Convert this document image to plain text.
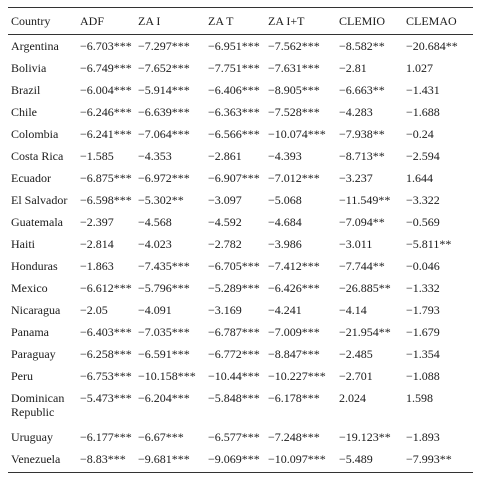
Country	ADF	ZA I	ZA T	ZA I+T	CLEMIO	CLEMAO
Argentina	−6.703***	−7.297***	−6.951***	−7.562***	−8.582**	−20.684**
Bolivia	−6.749***	−7.652***	−7.751***	−7.631***	−2.81	1.027
Brazil	−6.004***	−5.914***	−6.406***	−8.905***	−6.663**	−1.431
Chile	−6.246***	−6.639***	−6.363***	−7.528***	−4.283	−1.688
Colombia	−6.241***	−7.064***	−6.566***	−10.074***	−7.938**	−0.24
Costa Rica	−1.585	−4.353	−2.861	−4.393	−8.713**	−2.594
Ecuador	−6.875***	−6.972***	−6.907***	−7.012***	−3.237	1.644
El Salvador	−6.598***	−5.302**	−3.097	−5.068	−11.549**	−3.322
Guatemala	−2.397	−4.568	−4.592	−4.684	−7.094**	−0.569
Haiti	−2.814	−4.023	−2.782	−3.986	−3.011	−5.811**
Honduras	−1.863	−7.435***	−6.705***	−7.412***	−7.744**	−0.046
Mexico	−6.612***	−5.796***	−5.289***	−6.426***	−26.885**	−1.332
Nicaragua	−2.05	−4.091	−3.169	−4.241	−4.14	−1.793
Panama	−6.403***	−7.035***	−6.787***	−7.009***	−21.954**	−1.679
Paraguay	−6.258***	−6.591***	−6.772***	−8.847***	−2.485	−1.354
Peru	−6.753***	−10.158***	−10.44***	−10.227***	−2.701	−1.088
Dominican Republic	−5.473***	−6.204***	−5.848***	−6.178***	2.024	1.598
Uruguay	−6.177***	−6.67***	−6.577***	−7.248***	−19.123**	−1.893
Venezuela	−8.83***	−9.681***	−9.069***	−10.097***	−5.489	−7.993**
